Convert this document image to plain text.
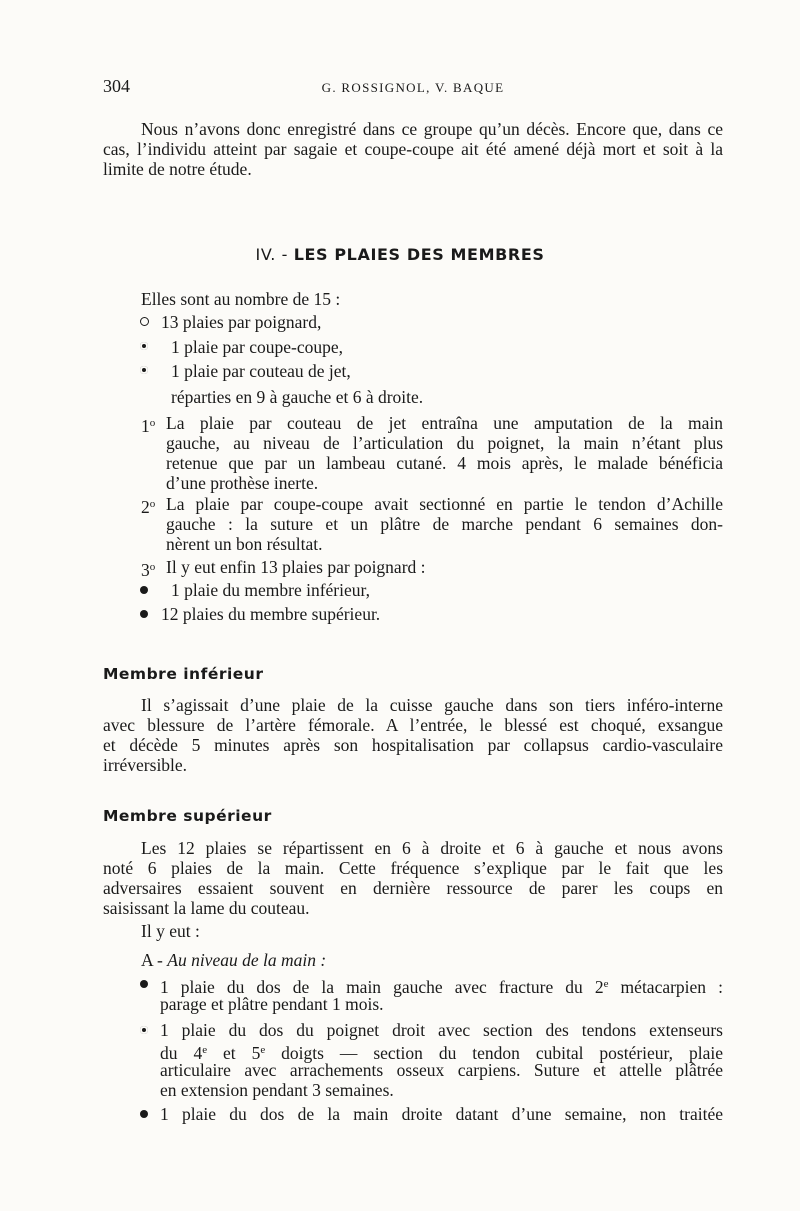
304	G. ROSSIGNOL, V. BAQUE

Nous n’avons donc enregistré dans ce groupe qu’un décès. Encore que, dans ce cas, l’individu atteint par sagaie et coupe-coupe ait été amené déjà mort et soit à la limite de notre étude.

IV. - LES PLAIES DES MEMBRES
Elles sont au nombre de 15 :
13 plaies par poignard,
1 plaie par coupe-coupe,
1 plaie par couteau de jet,
réparties en 9 à gauche et 6 à droite.
1$^o$ La plaie par couteau de jet entraîna une amputation de la main
gauche, au niveau de l’articulation du poignet, la main n’étant plus
retenue que par un lambeau cutané. 4 mois après, le malade bénéficia
d’une prothèse inerte.
2$^o$ La plaie par coupe-coupe avait sectionné en partie le tendon d’Achille
gauche : la suture et un plâtre de marche pendant 6 semaines don-
nèrent un bon résultat.
3$^o$ Il y eut enfin 13 plaies par poignard :
1 plaie du membre inférieur,
12 plaies du membre supérieur.
Membre inférieur
Il s’agissait d’une plaie de la cuisse gauche dans son tiers inféro-interne
avec blessure de l’artère fémorale. A l’entrée, le blessé est choqué, exsangue
et décède 5 minutes après son hospitalisation par collapsus cardio-vasculaire
irréversible.
Membre supérieur
Les 12 plaies se répartissent en 6 à droite et 6 à gauche et nous avons
noté 6 plaies de la main. Cette fréquence s’explique par le fait que les
adversaires essaient souvent en dernière ressource de parer les coups en
saisissant la lame du couteau.
Il y eut :
A - Au niveau de la main :
1 plaie du dos de la main gauche avec fracture du 2e métacarpien :
parage et plâtre pendant 1 mois.
1 plaie du dos du poignet droit avec section des tendons extenseurs
du 4e et 5e doigts — section du tendon cubital postérieur, plaie
articulaire avec arrachements osseux carpiens. Suture et attelle plâtrée
en extension pendant 3 semaines.
1 plaie du dos de la main droite datant d’une semaine, non traitée
